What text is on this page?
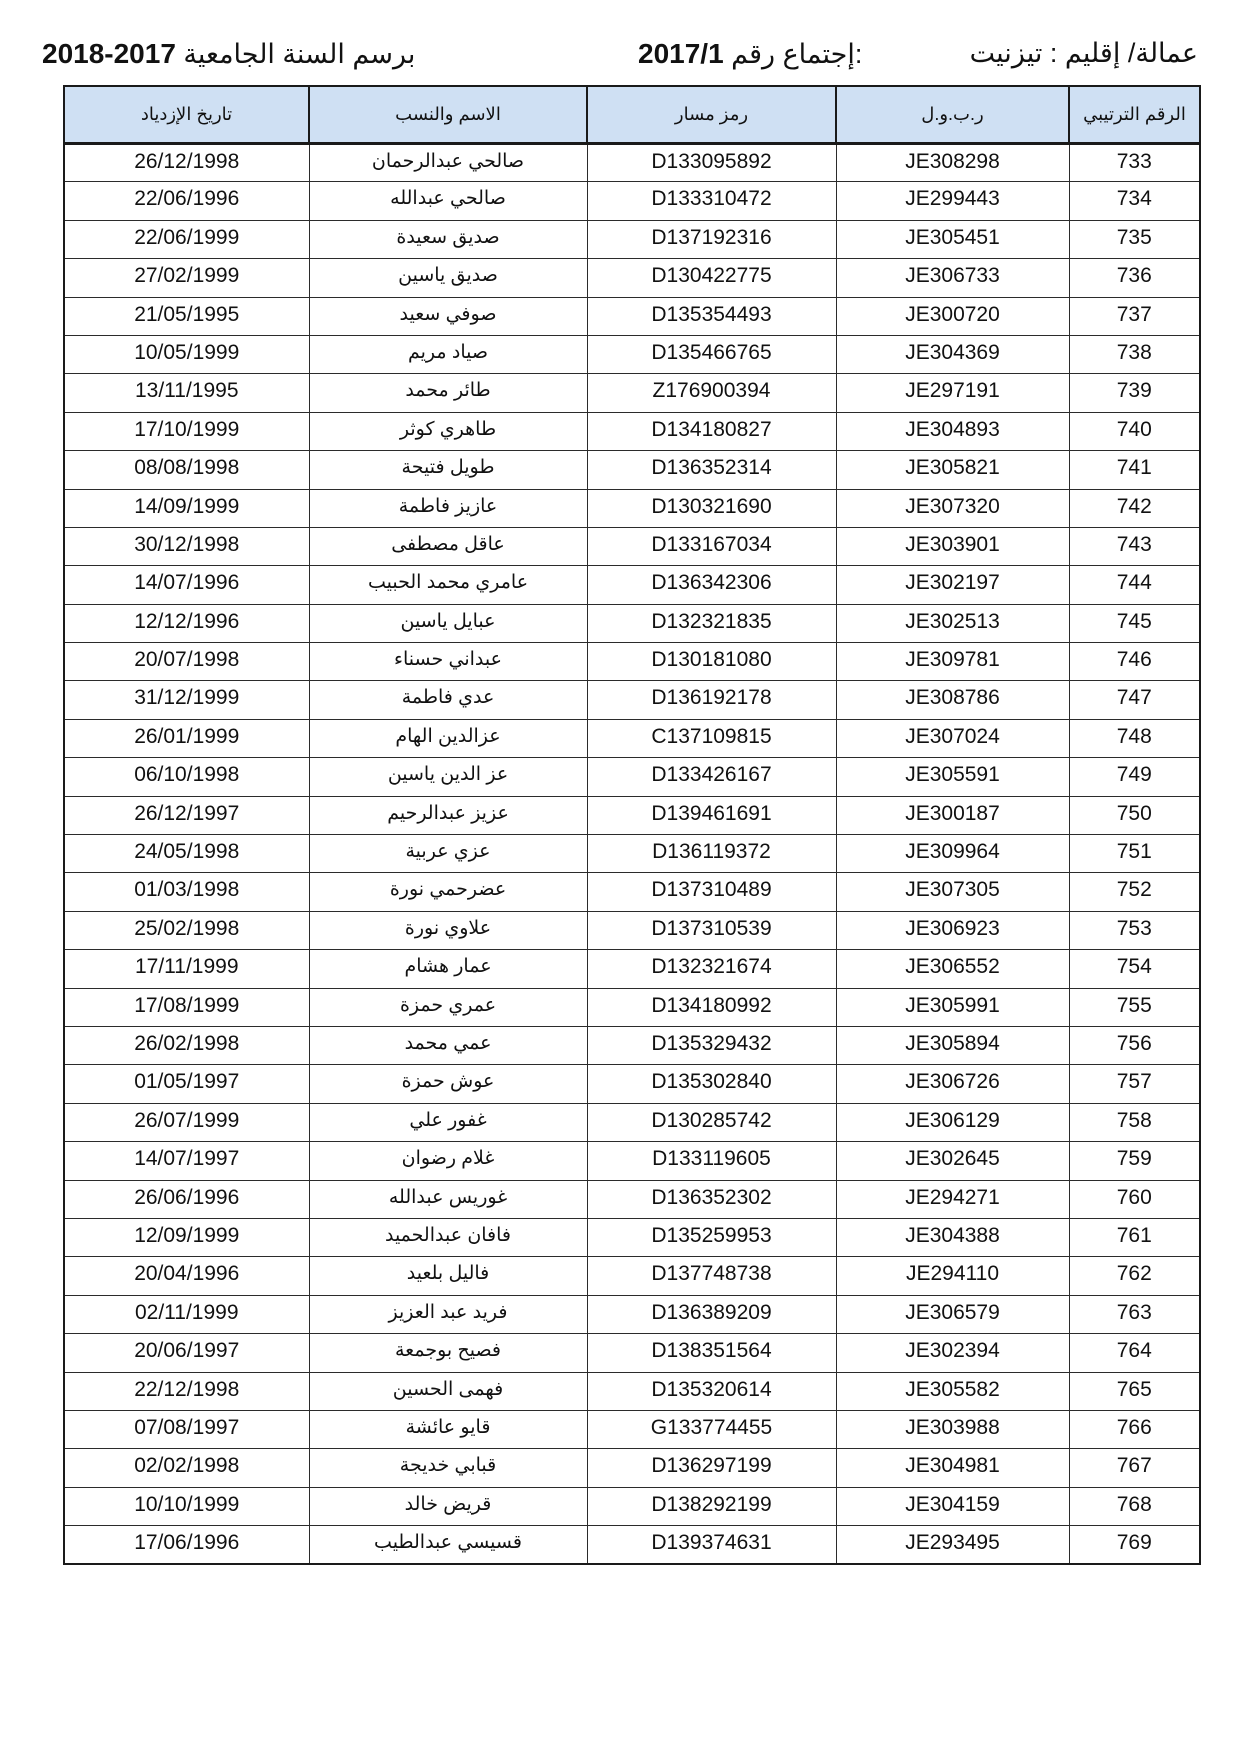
2018-2017 برسم السنة الجامعية	2017/1 إجتماع رقم:	عمالة/ إقليم : تيزنيت
تاريخ الإزدياد	الاسم والنسب	رمز مسار	ر.ب.و.ل	الرقم الترتيبي
26/12/1998	صالحي عبدالرحمان	D133095892	JE308298	733
22/06/1996	صالحي عبدالله	D133310472	JE299443	734
22/06/1999	صديق سعيدة	D137192316	JE305451	735
27/02/1999	صديق ياسين	D130422775	JE306733	736
21/05/1995	صوفي سعيد	D135354493	JE300720	737
10/05/1999	صياد مريم	D135466765	JE304369	738
13/11/1995	طائر محمد	Z176900394	JE297191	739
17/10/1999	طاهري كوثر	D134180827	JE304893	740
08/08/1998	طويل فتيحة	D136352314	JE305821	741
14/09/1999	عازيز فاطمة	D130321690	JE307320	742
30/12/1998	عاقل مصطفى	D133167034	JE303901	743
14/07/1996	عامري محمد الحبيب	D136342306	JE302197	744
12/12/1996	عبايل ياسين	D132321835	JE302513	745
20/07/1998	عبداني حسناء	D130181080	JE309781	746
31/12/1999	عدي فاطمة	D136192178	JE308786	747
26/01/1999	عزالدين الهام	C137109815	JE307024	748
06/10/1998	عز الدين ياسين	D133426167	JE305591	749
26/12/1997	عزيز عبدالرحيم	D139461691	JE300187	750
24/05/1998	عزي عربية	D136119372	JE309964	751
01/03/1998	عضرحمي نورة	D137310489	JE307305	752
25/02/1998	علاوي نورة	D137310539	JE306923	753
17/11/1999	عمار هشام	D132321674	JE306552	754
17/08/1999	عمري حمزة	D134180992	JE305991	755
26/02/1998	عمي محمد	D135329432	JE305894	756
01/05/1997	عوش حمزة	D135302840	JE306726	757
26/07/1999	غفور علي	D130285742	JE306129	758
14/07/1997	غلام رضوان	D133119605	JE302645	759
26/06/1996	غوريس عبدالله	D136352302	JE294271	760
12/09/1999	فافان عبدالحميد	D135259953	JE304388	761
20/04/1996	فاليل بلعيد	D137748738	JE294110	762
02/11/1999	فريد عبد العزيز	D136389209	JE306579	763
20/06/1997	فصيح بوجمعة	D138351564	JE302394	764
22/12/1998	فهمى الحسين	D135320614	JE305582	765
07/08/1997	قايو عائشة	G133774455	JE303988	766
02/02/1998	قبابي خديجة	D136297199	JE304981	767
10/10/1999	قريض خالد	D138292199	JE304159	768
17/06/1996	قسيسي عبدالطيب	D139374631	JE293495	769
